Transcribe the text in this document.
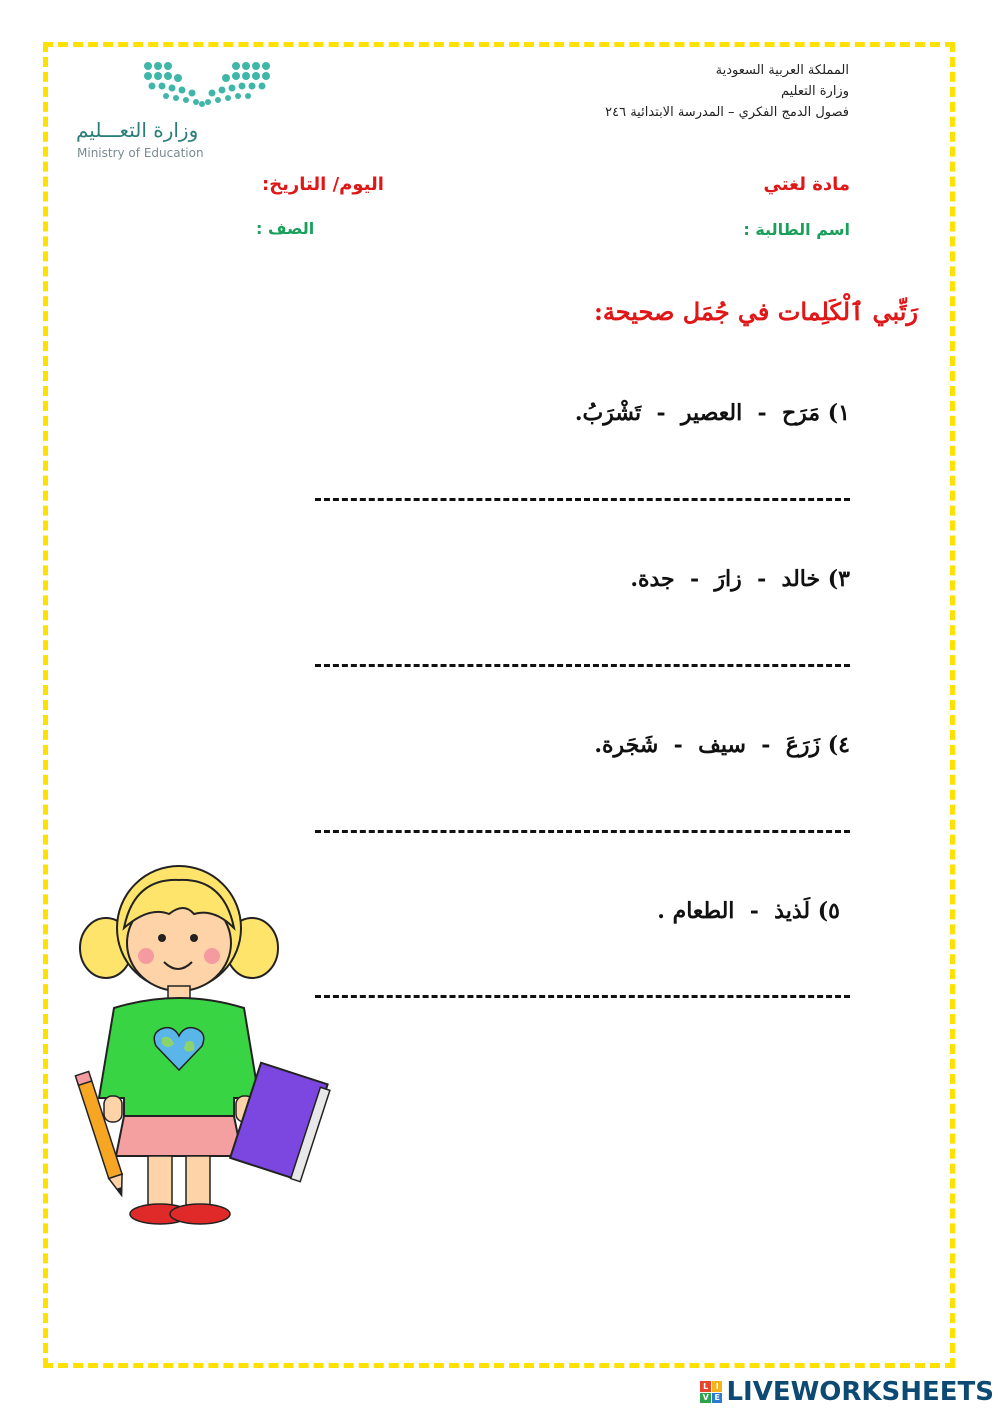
المملكة العربية السعودية
وزارة التعليم
فصول الدمج الفكري – المدرسة الابتدائية ٢٤٦
وزارة التعـــليم
Ministry of Education
مادة لغتي
اليوم/ التاريخ:
اسم الطالبة :
الصف :
رَتِّبي ٱلْكَلِمات في جُمَل صحيحة:
١) مَرَح  -  العصير  -  تَشْرَبُ.
٣) خالد  -  زارَ  -  جدة.
٤) زَرَعَ  -  سيف  -  شَجَرة.
٥) لَذيذ  -  الطعام .
L I
V E LIVEWORKSHEETS
